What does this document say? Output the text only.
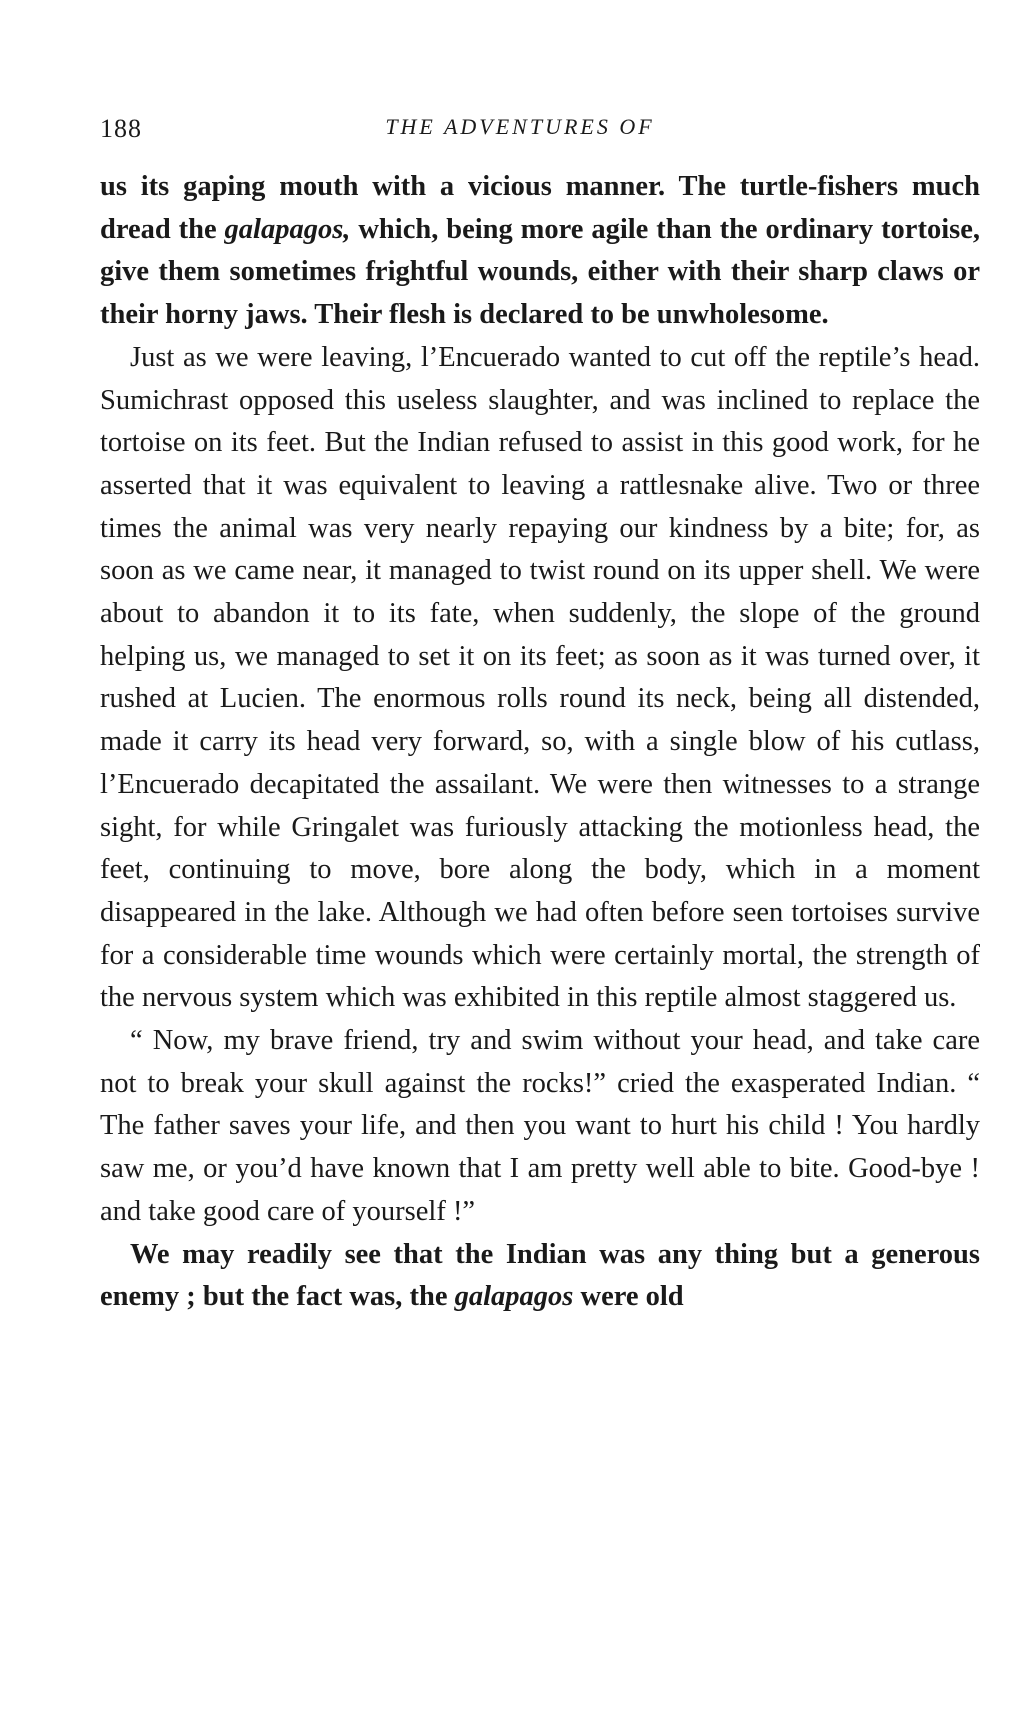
188	THE ADVENTURES OF

us its gaping mouth with a vicious manner. The turtle-fishers much dread the galapagos, which, being more agile than the ordinary tortoise, give them sometimes frightful wounds, either with their sharp claws or their horny jaws. Their flesh is declared to be unwholesome.

Just as we were leaving, l’Encuerado wanted to cut off the reptile’s head. Sumichrast opposed this useless slaughter, and was inclined to replace the tortoise on its feet. But the Indian refused to assist in this good work, for he asserted that it was equivalent to leaving a rattlesnake alive. Two or three times the animal was very nearly repaying our kindness by a bite; for, as soon as we came near, it managed to twist round on its upper shell. We were about to abandon it to its fate, when suddenly, the slope of the ground helping us, we managed to set it on its feet; as soon as it was turned over, it rushed at Lucien. The enormous rolls round its neck, being all distended, made it carry its head very forward, so, with a single blow of his cutlass, l’Encuerado decapitated the assailant. We were then witnesses to a strange sight, for while Gringalet was furiously attacking the motionless head, the feet, continuing to move, bore along the body, which in a moment disappeared in the lake. Although we had often before seen tortoises survive for a considerable time wounds which were certainly mortal, the strength of the nervous system which was exhibited in this reptile almost staggered us.

“ Now, my brave friend, try and swim without your head, and take care not to break your skull against the rocks!” cried the exasperated Indian. “ The father saves your life, and then you want to hurt his child ! You hardly saw me, or you’d have known that I am pretty well able to bite. Good-bye ! and take good care of yourself !”

We may readily see that the Indian was any thing but a generous enemy ; but the fact was, the galapagos were old
